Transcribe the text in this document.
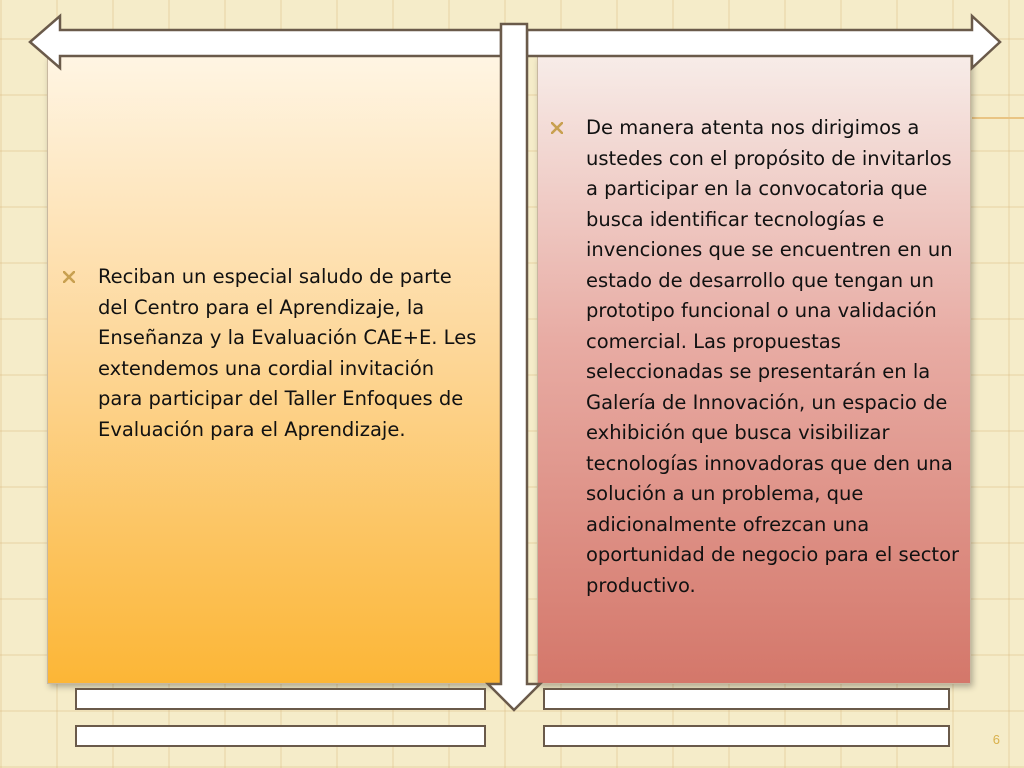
Reciban un especial saludo de parte del Centro para el Aprendizaje, la Enseñanza y la Evaluación CAE+E. Les extendemos una cordial invitación para participar del Taller Enfoques de Evaluación para el Aprendizaje.

De manera atenta nos dirigimos a ustedes con el propósito de invitarlos a participar en la convocatoria que busca identificar tecnologías e invenciones que se encuentren en un estado de desarrollo que tengan un prototipo funcional o una validación comercial. Las propuestas seleccionadas se presentarán en la Galería de Innovación, un espacio de exhibición que busca visibilizar tecnologías innovadoras que den una solución a un problema, que adicionalmente ofrezcan una oportunidad de negocio para el sector productivo.

6
